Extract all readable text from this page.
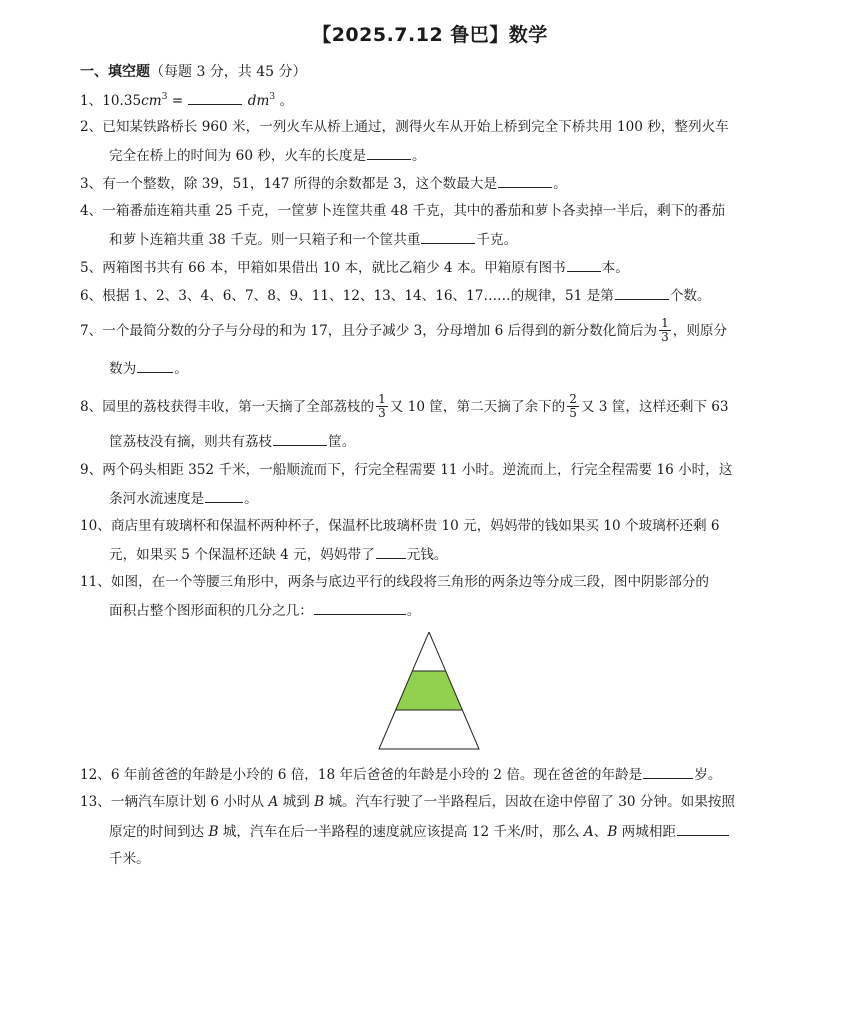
【2025.7.12 鲁巴】数学
一、填空题（每题 3 分，共 45 分）
1、$10.35cm^3$ =	$dm^3$ 。
2、已知某铁路桥长 960 米，一列火车从桥上通过，测得火车从开始上桥到完全下桥共用 100 秒，整列火车
完全在桥上的时间为 60 秒，火车的长度是	。
3、有一个整数，除 39，51，147 所得的余数都是 3，这个数最大是	。
4、一箱番茄连箱共重 25 千克，一筐萝卜连筐共重 48 千克，其中的番茄和萝卜各卖掉一半后，剩下的番茄
和萝卜连箱共重 38 千克。则一只箱子和一个筐共重	千克。
5、两箱图书共有 66 本，甲箱如果借出 10 本，就比乙箱少 4 本。甲箱原有图书	本。
6、根据 1、2、3、4、6、7、8、9、11、12、13、14、16、17……的规律，51 是第	个数。
7、一个最简分数的分子与分母的和为 17，且分子减少 3，分母增加 6 后得到的新分数化简后为 $\frac{1}{3}$ ，则原分
数为	。
8、园里的荔枝获得丰收，第一天摘了全部荔枝的 $\frac{1}{3}$ 又 10 筐，第二天摘了余下的 $\frac{2}{5}$ 又 3 筐，这样还剩下 63
筐荔枝没有摘，则共有荔枝	筐。
9、两个码头相距 352 千米，一船顺流而下，行完全程需要 11 小时。逆流而上，行完全程需要 16 小时，这
条河水流速度是	。
10、商店里有玻璃杯和保温杯两种杯子，保温杯比玻璃杯贵 10 元，妈妈带的钱如果买 10 个玻璃杯还剩 6
元，如果买 5 个保温杯还缺 4 元，妈妈带了 元钱。
11、如图，在一个等腰三角形中，两条与底边平行的线段将三角形的两条边等分成三段，图中阴影部分的
面积占整个图形面积的几分之几：	。
12、6 年前爸爸的年龄是小玲的 6 倍，18 年后爸爸的年龄是小玲的 2 倍。现在爸爸的年龄是	岁。
13、一辆汽车原计划 6 小时从 A 城到 B 城。汽车行驶了一半路程后，因故在途中停留了 30 分钟。如果按照
原定的时间到达 B 城，汽车在后一半路程的速度就应该提高 12 千米/时，那么 A、B 两城相距
千米。
